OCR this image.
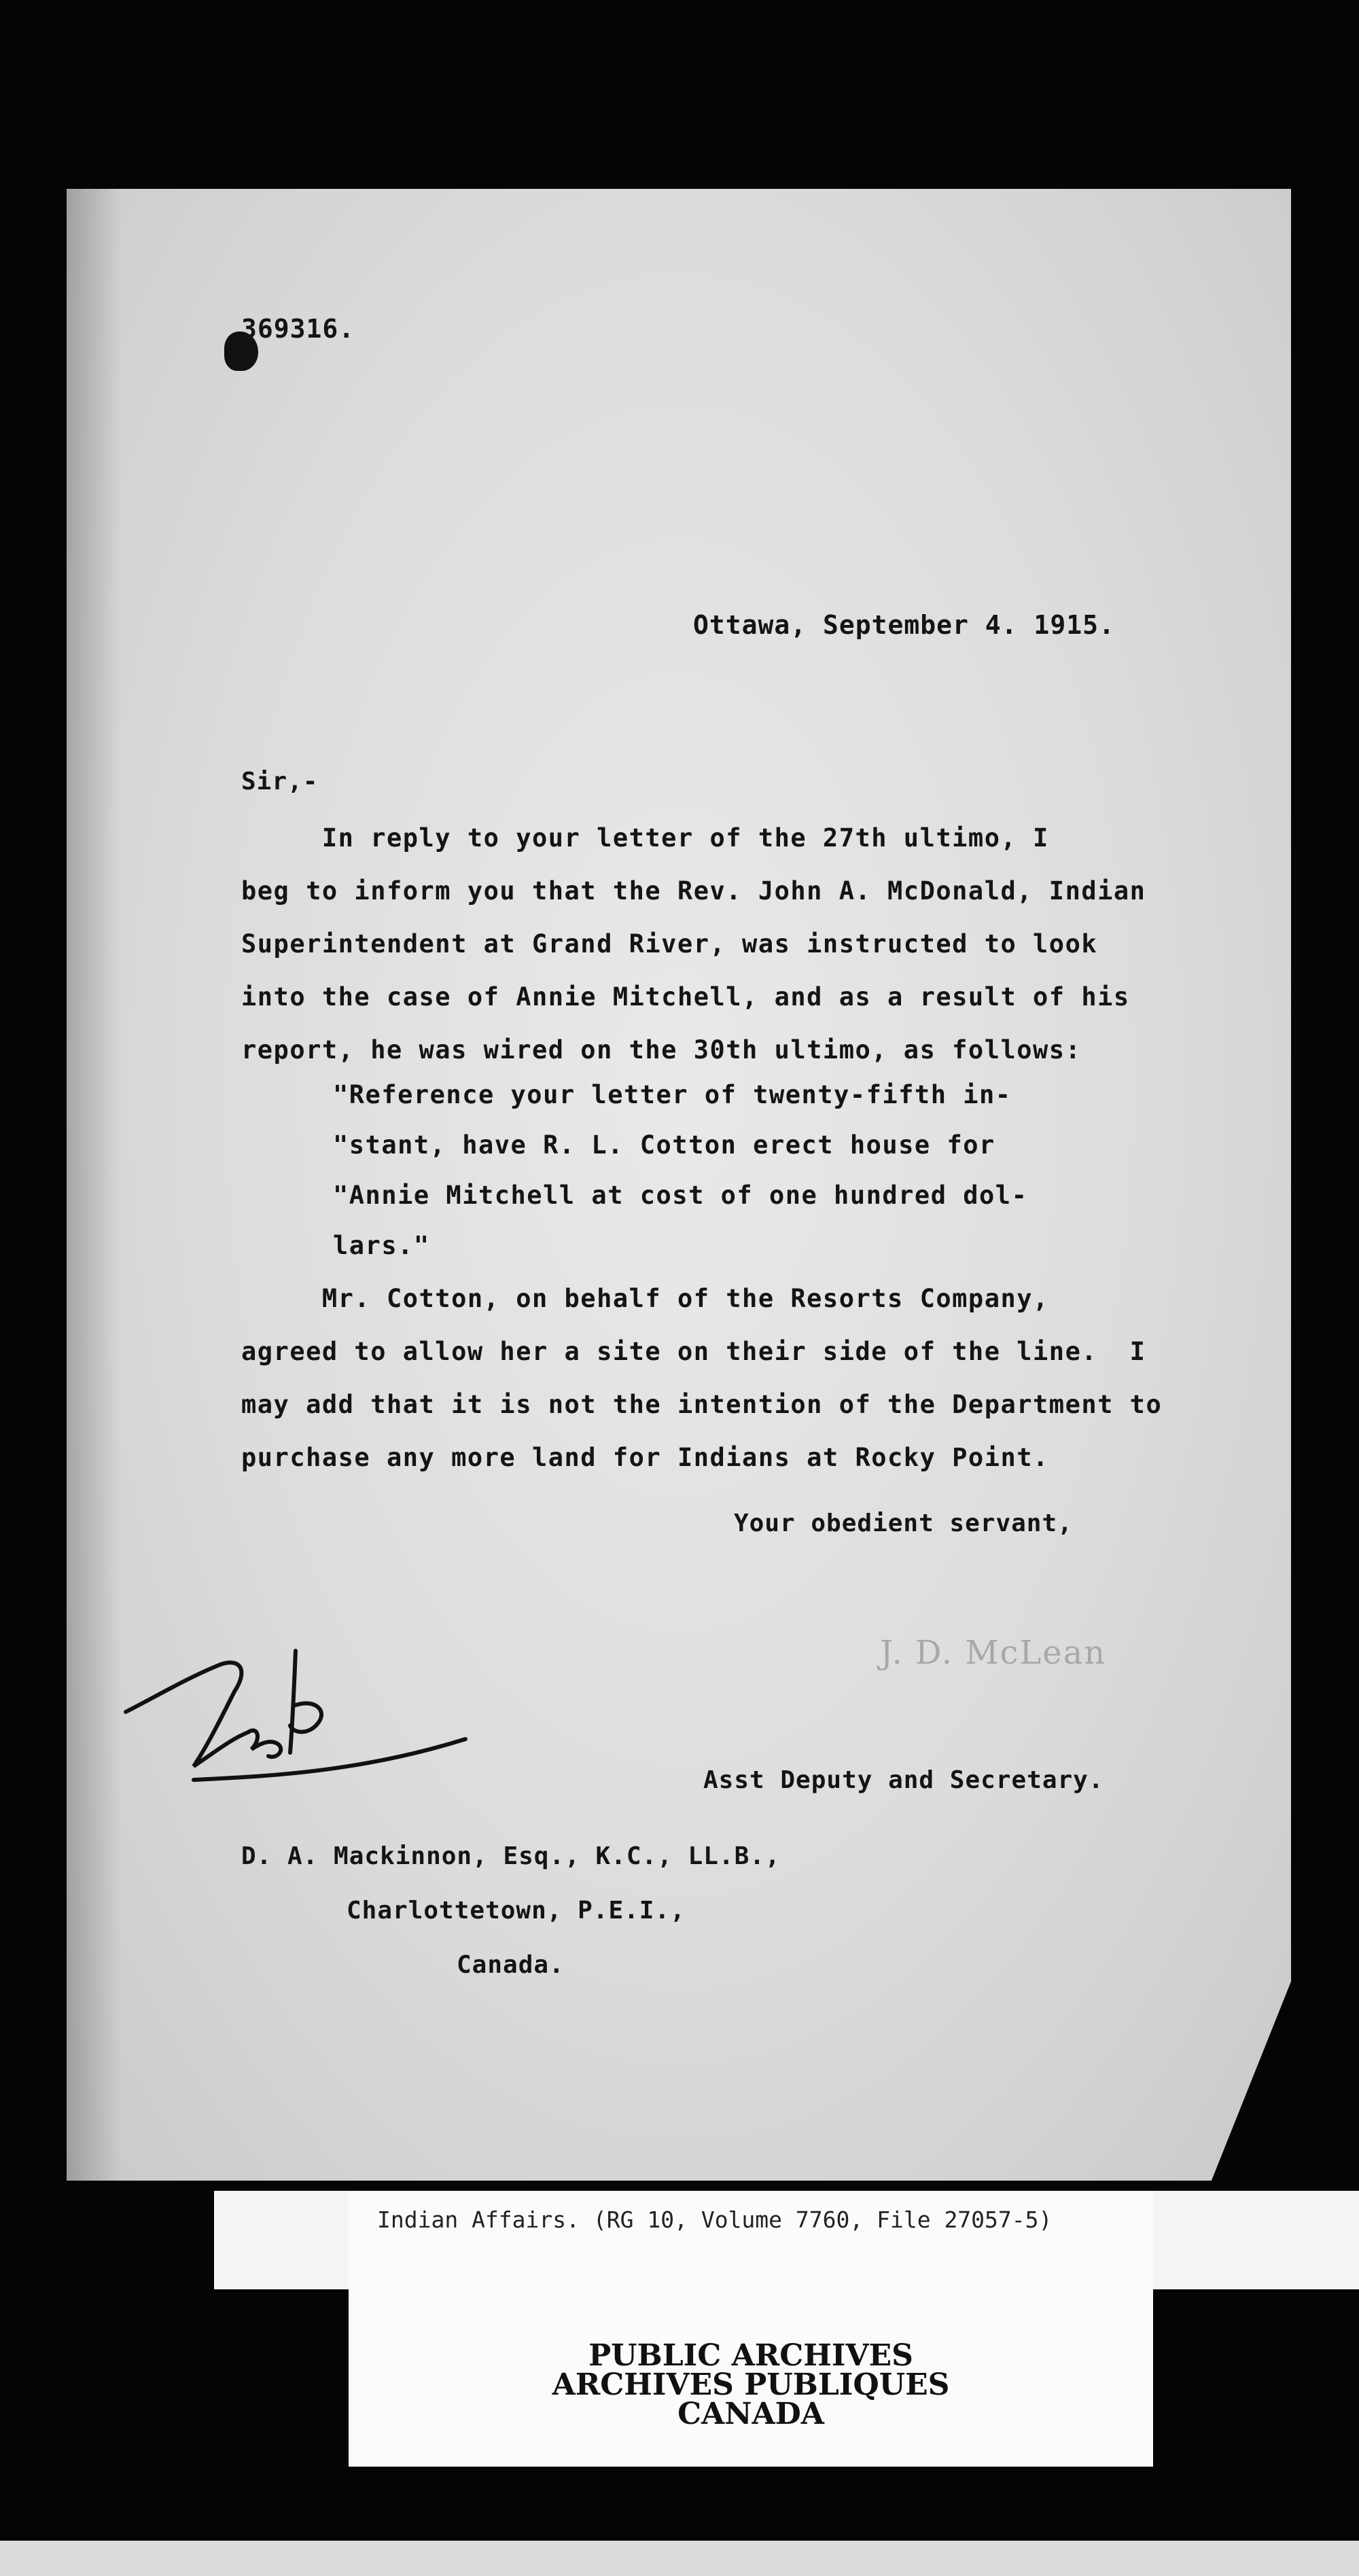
369316.
Ottawa, September 4. 1915.
Sir,-
In reply to your letter of the 27th ultimo, I
beg to inform you that the Rev. John A. McDonald, Indian
Superintendent at Grand River, was instructed to look
into the case of Annie Mitchell, and as a result of his
report, he was wired on the 30th ultimo, as follows:
"Reference your letter of twenty-fifth in-
"stant, have R. L. Cotton erect house for
"Annie Mitchell at cost of one hundred dol-
lars."
Mr. Cotton, on behalf of the Resorts Company,
agreed to allow her a site on their side of the line.  I
may add that it is not the intention of the Department to
purchase any more land for Indians at Rocky Point.
Your obedient servant,
J. D. McLean
Asst Deputy and Secretary.
D. A. Mackinnon, Esq., K.C., LL.B.,
Charlottetown, P.E.I.,
Canada.
Indian Affairs. (RG 10, Volume 7760, File 27057-5)
PUBLIC ARCHIVES
ARCHIVES PUBLIQUES
CANADA
